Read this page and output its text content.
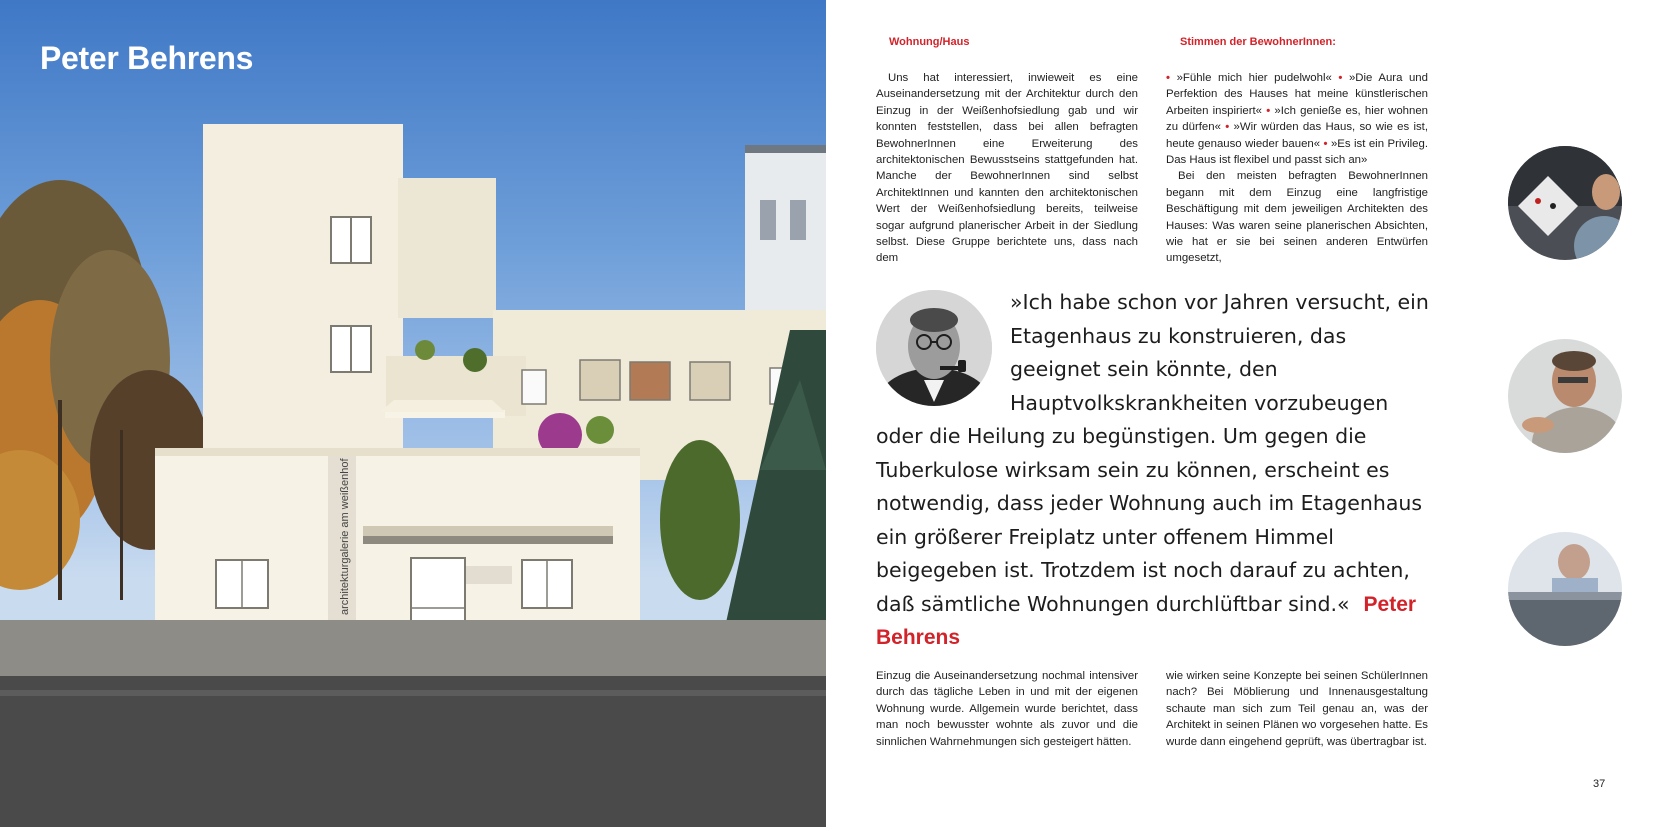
architekturgalerie am weißenhof
Peter Behrens	Wohnung/Haus	Stimmen der BewohnerInnen:

Uns hat interessiert, inwieweit es eine Auseinandersetzung mit der Architektur durch den Einzug in der Weißenhofsiedlung gab und wir konnten feststellen, dass bei allen befragten BewohnerInnen eine Erweiterung des architektonischen Bewusstseins stattgefunden hat. Manche der BewohnerInnen sind selbst ArchitektInnen und kannten den architektonischen Wert der Weißenhofsiedlung bereits, teilweise sogar aufgrund planerischer Arbeit in der Siedlung selbst. Diese Gruppe berichtete uns, dass nach dem

• »Fühle mich hier pudelwohl« • »Die Aura und Perfektion des Hauses hat meine künstlerischen Arbeiten inspiriert« • »Ich genieße es, hier wohnen zu dürfen« • »Wir würden das Haus, so wie es ist, heute genauso wieder bauen« • »Es ist ein Privileg. Das Haus ist flexibel und passt sich an»

Bei den meisten befragten BewohnerInnen begann mit dem Einzug eine langfristige Beschäftigung mit dem jeweiligen Architekten des Hauses: Was waren seine planerischen Absichten, wie hat er sie bei seinen anderen Entwürfen umgesetzt,

»Ich habe schon vor Jahren versucht, ein Etagenhaus zu konstruieren, das geeignet sein könnte, den Hauptvolkskrankheiten vorzubeugen oder die Heilung zu begünstigen. Um gegen die Tuberkulose wirksam sein zu können, erscheint es notwendig, dass jeder Wohnung auch im Etagenhaus ein größerer Freiplatz unter offenem Himmel beigegeben ist. Trotzdem ist noch darauf zu achten, daß sämtliche Wohnungen durchlüftbar sind.« Peter Behrens

Einzug die Auseinandersetzung nochmal intensiver durch das tägliche Leben in und mit der eigenen Wohnung wurde. Allgemein wurde berichtet, dass man noch bewusster wohnte als zuvor und die sinnlichen Wahrnehmungen sich gesteigert hätten.

wie wirken seine Konzepte bei seinen SchülerInnen nach? Bei Möblierung und Innenausgestaltung schaute man sich zum Teil genau an, was der Architekt in seinen Plänen wo vorgesehen hatte. Es wurde dann eingehend geprüft, was übertragbar ist.

37
